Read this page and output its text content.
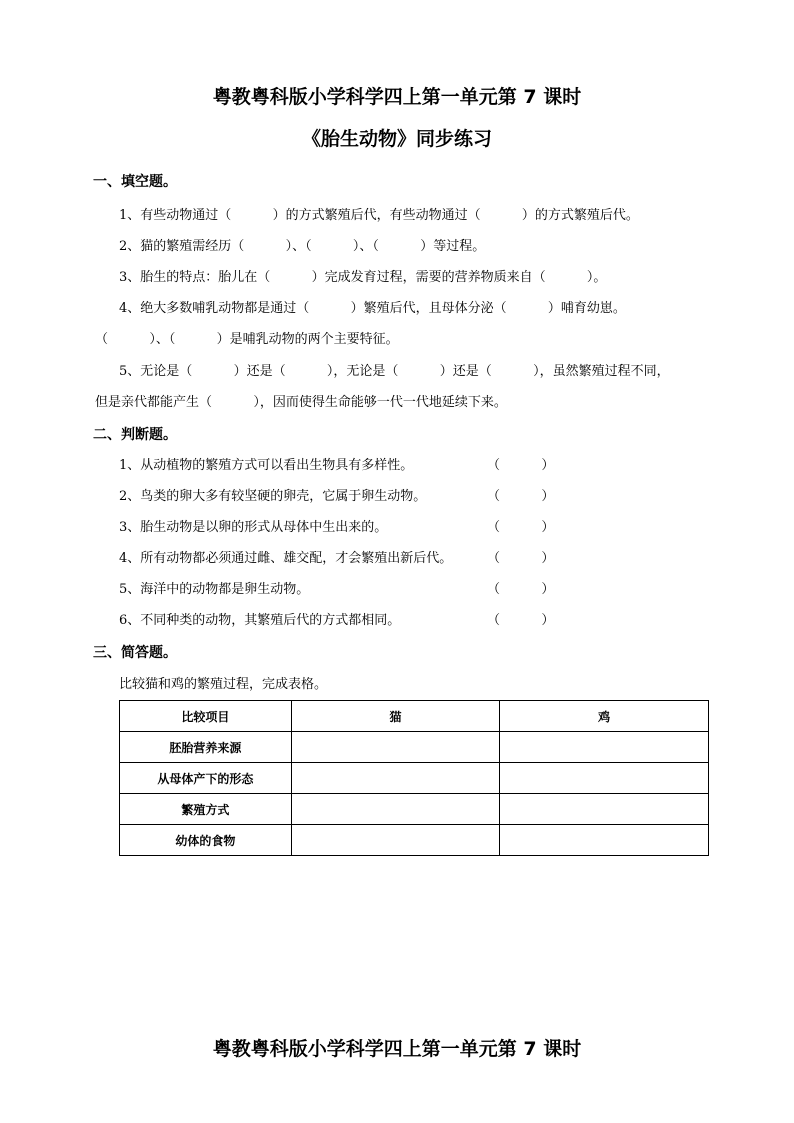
粤教粤科版小学科学四上第一单元第 7 课时
《胎生动物》同步练习
一、填空题。
1、有些动物通过（          ）的方式繁殖后代，有些动物通过（          ）的方式繁殖后代。
2、猫的繁殖需经历（          ）、（          ）、（          ）等过程。
3、胎生的特点：胎儿在（          ）完成发育过程，需要的营养物质来自（          ）。
4、绝大多数哺乳动物都是通过（          ）繁殖后代，且母体分泌（          ）哺育幼崽。
（          ）、（          ）是哺乳动物的两个主要特征。
5、无论是（          ）还是（          ），无论是（          ）还是（          ），虽然繁殖过程不同，
但是亲代都能产生（          ），因而使得生命能够一代一代地延续下来。
二、判断题。
1、从动植物的繁殖方式可以看出生物具有多样性。	（          ）
2、鸟类的卵大多有较坚硬的卵壳，它属于卵生动物。	（          ）
3、胎生动物是以卵的形式从母体中生出来的。	（          ）
4、所有动物都必须通过雌、雄交配，才会繁殖出新后代。	（          ）
5、海洋中的动物都是卵生动物。	（          ）
6、不同种类的动物，其繁殖后代的方式都相同。	（          ）
三、简答题。
比较猫和鸡的繁殖过程，完成表格。
比较项目	猫	鸡
胚胎营养来源		
从母体产下的形态		
繁殖方式		
幼体的食物		
粤教粤科版小学科学四上第一单元第 7 课时
